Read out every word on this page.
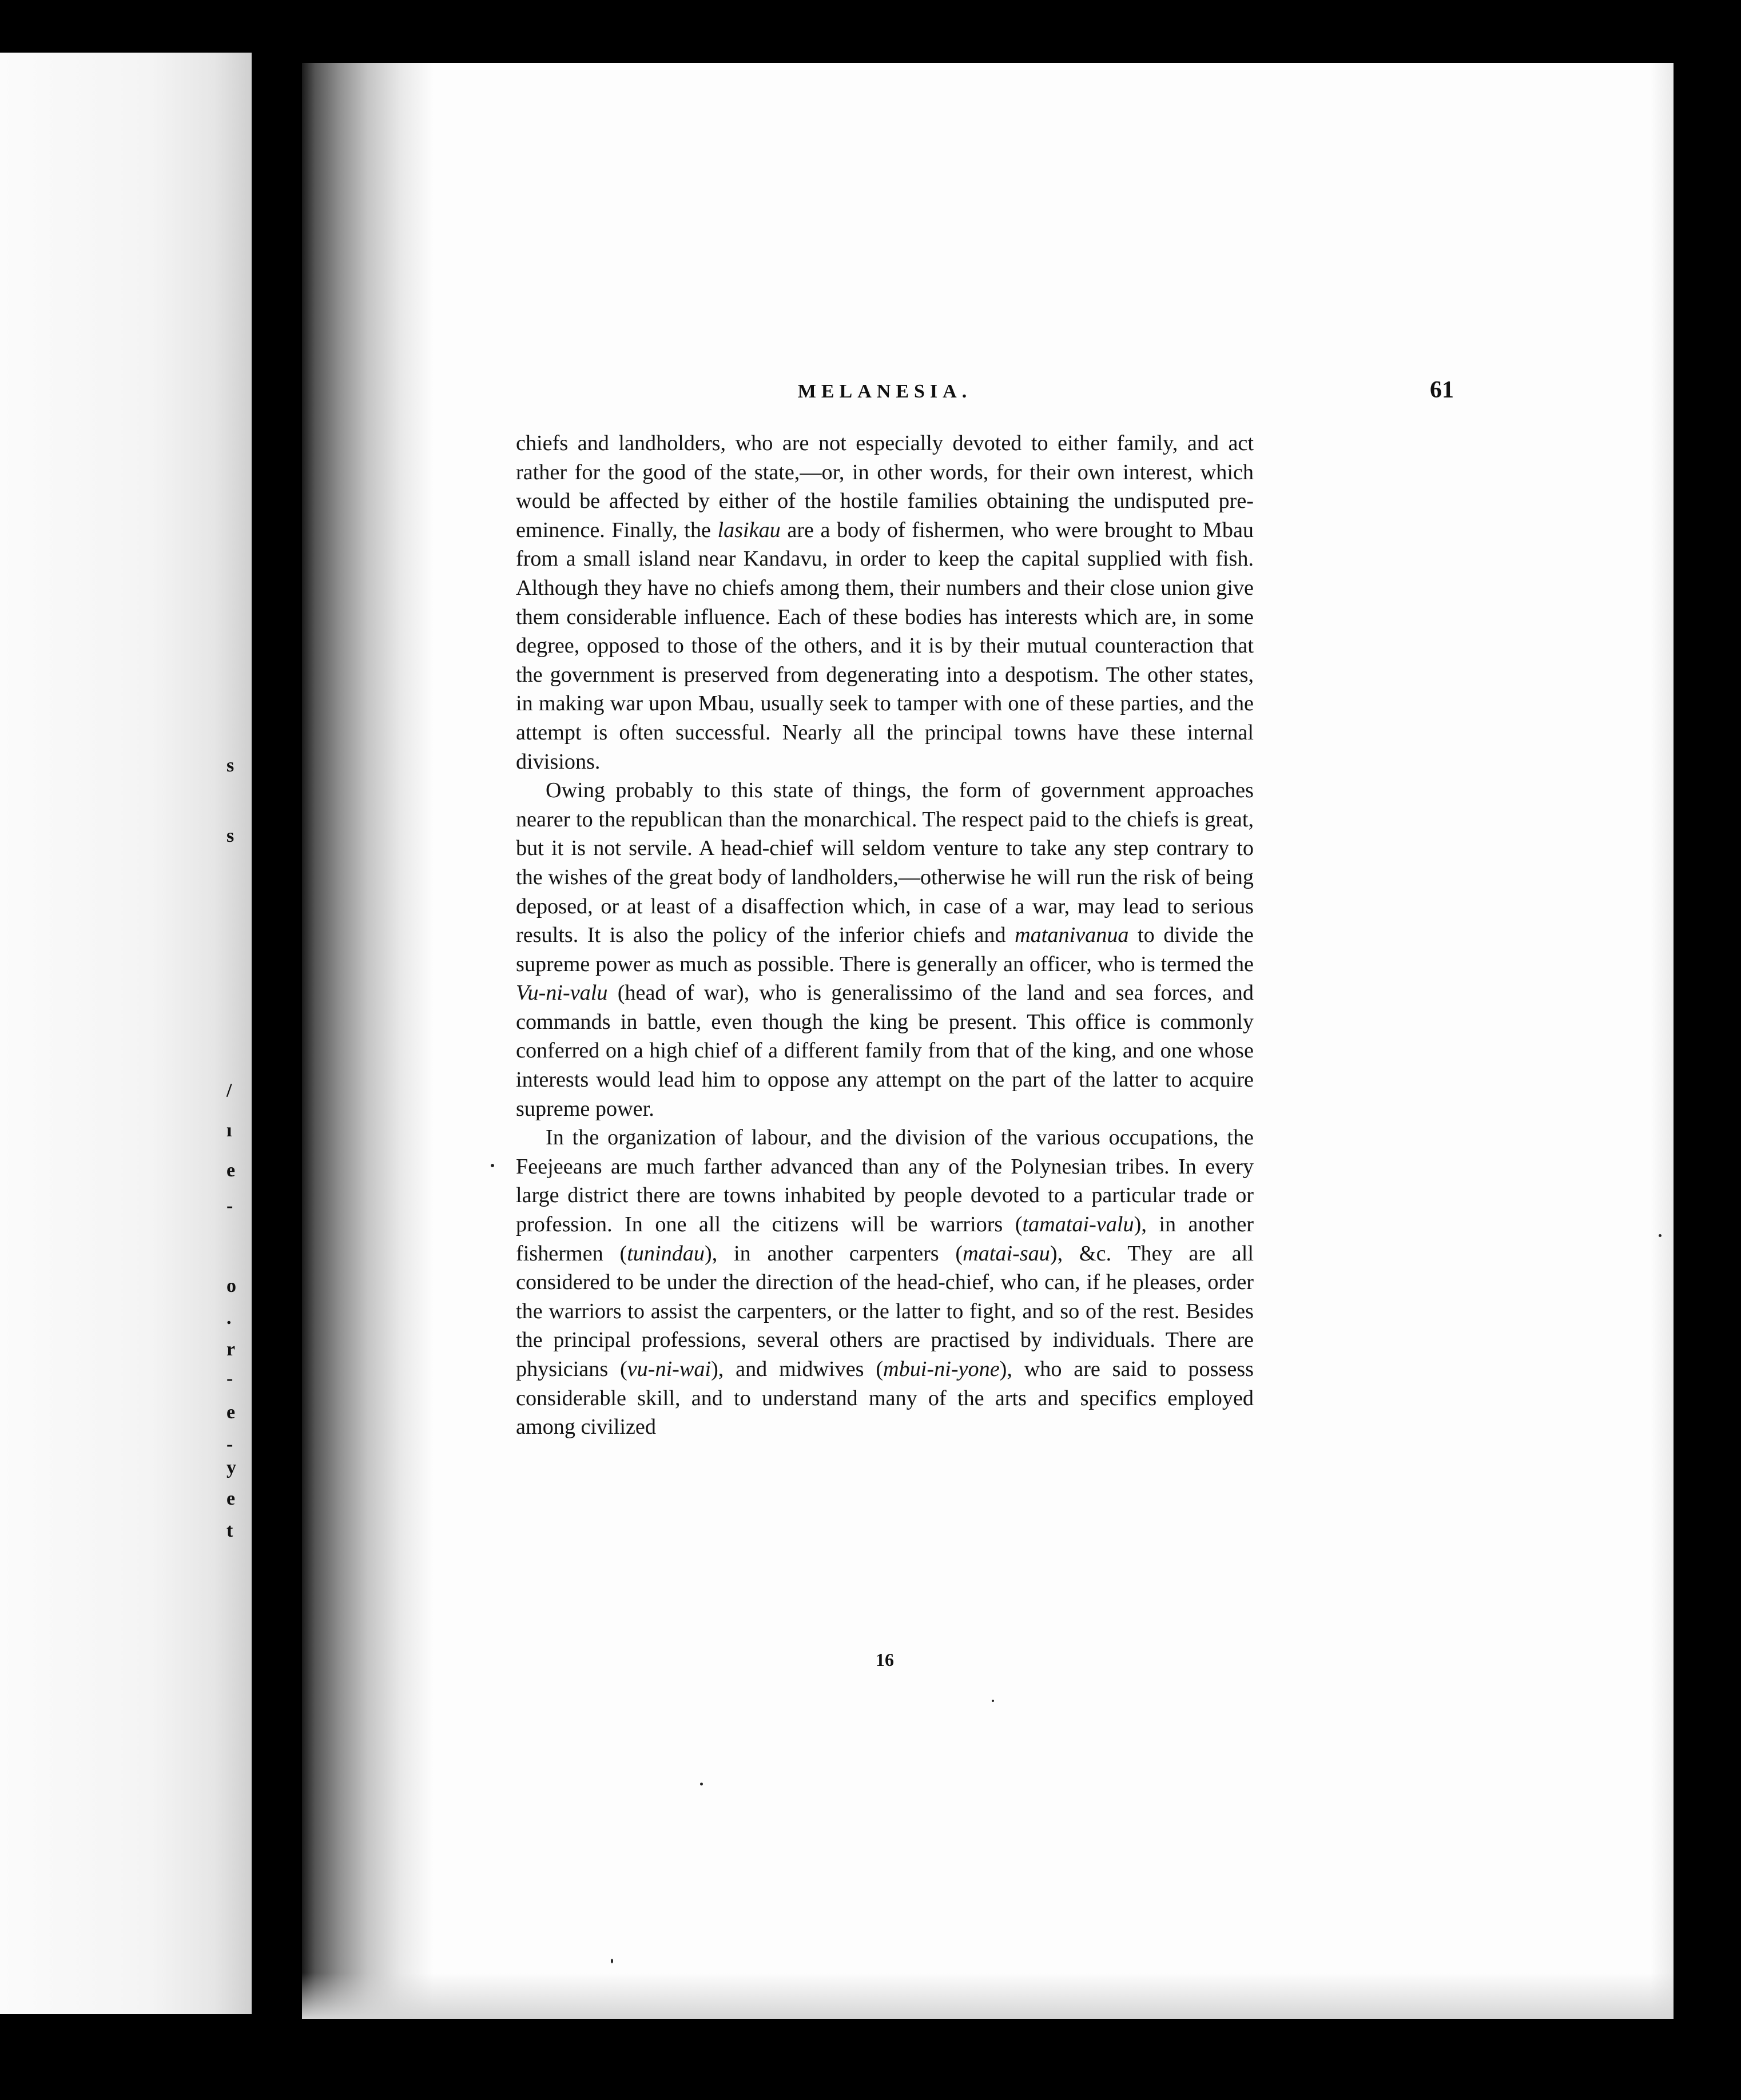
s
s
/
ı
e
-
o
.
r
-
e
-
y
e
t
MELANESIA.	61

chiefs and landholders, who are not especially devoted to either family, and act rather for the good of the state,—or, in other words, for their own interest, which would be affected by either of the hostile families obtaining the undisputed pre-eminence. Finally, the lasikau are a body of fishermen, who were brought to Mbau from a small island near Kandavu, in order to keep the capital supplied with fish. Although they have no chiefs among them, their numbers and their close union give them considerable influence. Each of these bodies has interests which are, in some degree, opposed to those of the others, and it is by their mutual counteraction that the government is preserved from degenerating into a despotism. The other states, in making war upon Mbau, usually seek to tamper with one of these parties, and the attempt is often successful. Nearly all the principal towns have these internal divisions.

Owing probably to this state of things, the form of government approaches nearer to the republican than the monarchical. The respect paid to the chiefs is great, but it is not servile. A head-chief will seldom venture to take any step contrary to the wishes of the great body of landholders,—otherwise he will run the risk of being deposed, or at least of a disaffection which, in case of a war, may lead to serious results. It is also the policy of the inferior chiefs and matanivanua to divide the supreme power as much as possible. There is generally an officer, who is termed the Vu-ni-valu (head of war), who is generalissimo of the land and sea forces, and commands in battle, even though the king be present. This office is commonly conferred on a high chief of a different family from that of the king, and one whose interests would lead him to oppose any attempt on the part of the latter to acquire supreme power.

In the organization of labour, and the division of the various occupations, the Feejeeans are much farther advanced than any of the Polynesian tribes. In every large district there are towns inhabited by people devoted to a particular trade or profession. In one all the citizens will be warriors (tamatai-valu), in another fishermen (tunindau), in another carpenters (matai-sau), &c. They are all considered to be under the direction of the head-chief, who can, if he pleases, order the warriors to assist the carpenters, or the latter to fight, and so of the rest. Besides the principal professions, several others are practised by individuals. There are physicians (vu-ni-wai), and midwives (mbui-ni-yone), who are said to possess considerable skill, and to understand many of the arts and specifics employed among civilized

16
